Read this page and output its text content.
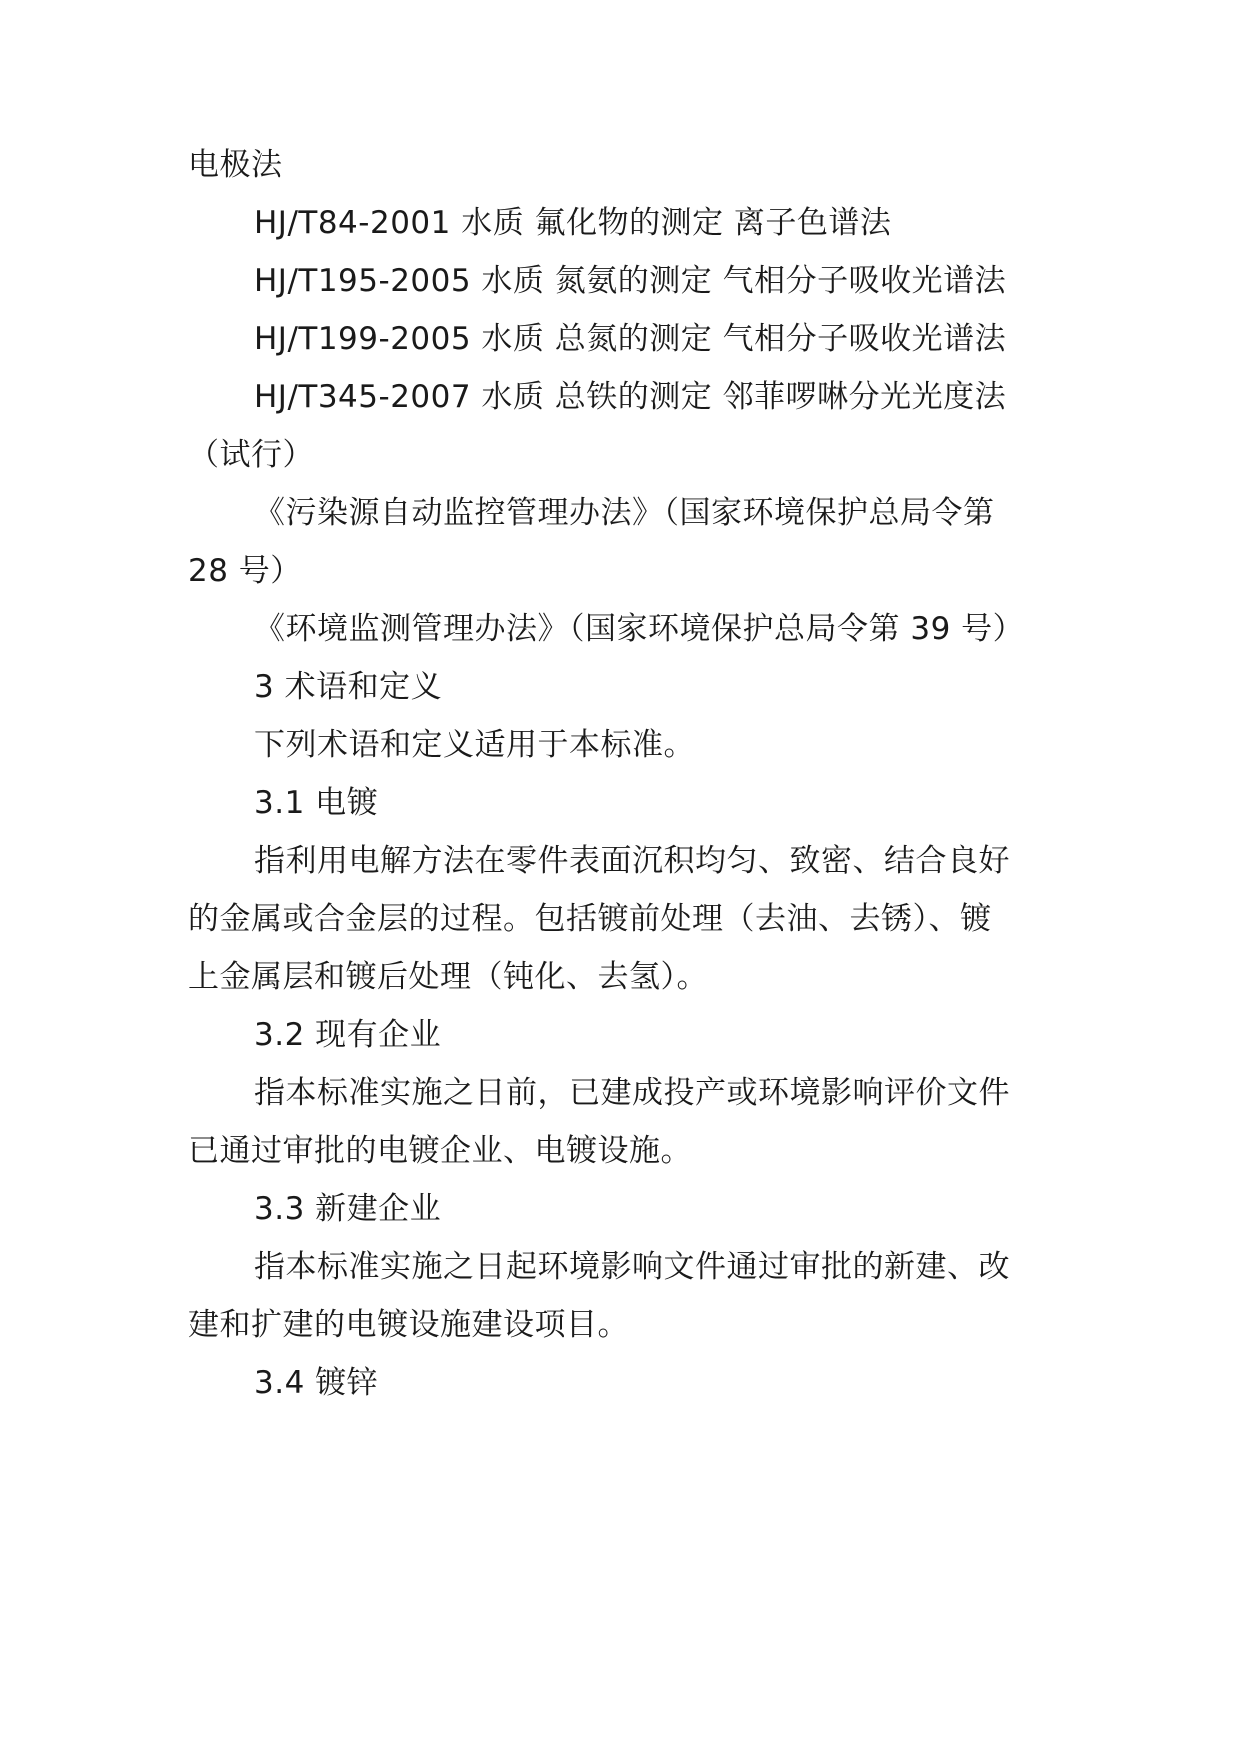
电极法
HJ/T84-2001 水质 氟化物的测定 离子色谱法
HJ/T195-2005 水质 氮氨的测定 气相分子吸收光谱法
HJ/T199-2005 水质 总氮的测定 气相分子吸收光谱法
HJ/T345-2007 水质 总铁的测定 邻菲啰啉分光光度法
（试行）
《污染源自动监控管理办法》（国家环境保护总局令第
28 号）
《环境监测管理办法》（国家环境保护总局令第 39 号）
3 术语和定义
下列术语和定义适用于本标准。
3.1 电镀
指利用电解方法在零件表面沉积均匀、致密、结合良好
的金属或合金层的过程。包括镀前处理（去油、去锈）、镀
上金属层和镀后处理（钝化、去氢）。
3.2 现有企业
指本标准实施之日前，已建成投产或环境影响评价文件
已通过审批的电镀企业、电镀设施。
3.3 新建企业
指本标准实施之日起环境影响文件通过审批的新建、改
建和扩建的电镀设施建设项目。
3.4 镀锌
